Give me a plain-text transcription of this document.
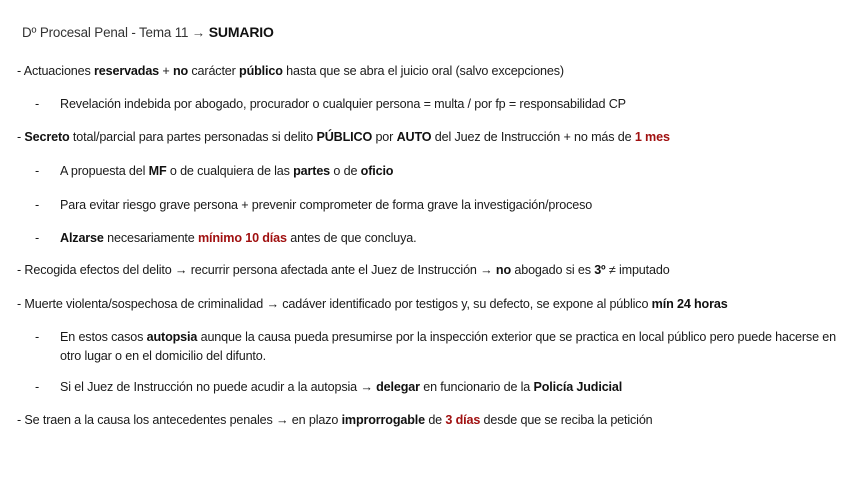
Dº Procesal Penal - Tema 11 → SUMARIO
- Actuaciones reservadas + no carácter público hasta que se abra el juicio oral (salvo excepciones)
- Revelación indebida por abogado, procurador o cualquier persona = multa / por fp = responsabilidad CP
- Secreto total/parcial para partes personadas si delito PÚBLICO por AUTO del Juez de Instrucción + no más de 1 mes
- A propuesta del MF o de cualquiera de las partes o de oficio
- Para evitar riesgo grave persona + prevenir comprometer de forma grave la investigación/proceso
- Alzarse necesariamente mínimo 10 días antes de que concluya.
- Recogida efectos del delito → recurrir persona afectada ante el Juez de Instrucción → no abogado si es 3º ≠ imputado
- Muerte violenta/sospechosa de criminalidad → cadáver identificado por testigos y, su defecto, se expone al público mín 24 horas
- En estos casos autopsia aunque la causa pueda presumirse por la inspección exterior que se practica en local público pero puede hacerse en otro lugar o en el domicilio del difunto.
- Si el Juez de Instrucción no puede acudir a la autopsia → delegar en funcionario de la Policía Judicial
- Se traen a la causa los antecedentes penales → en plazo improrrogable de 3 días desde que se reciba la petición
